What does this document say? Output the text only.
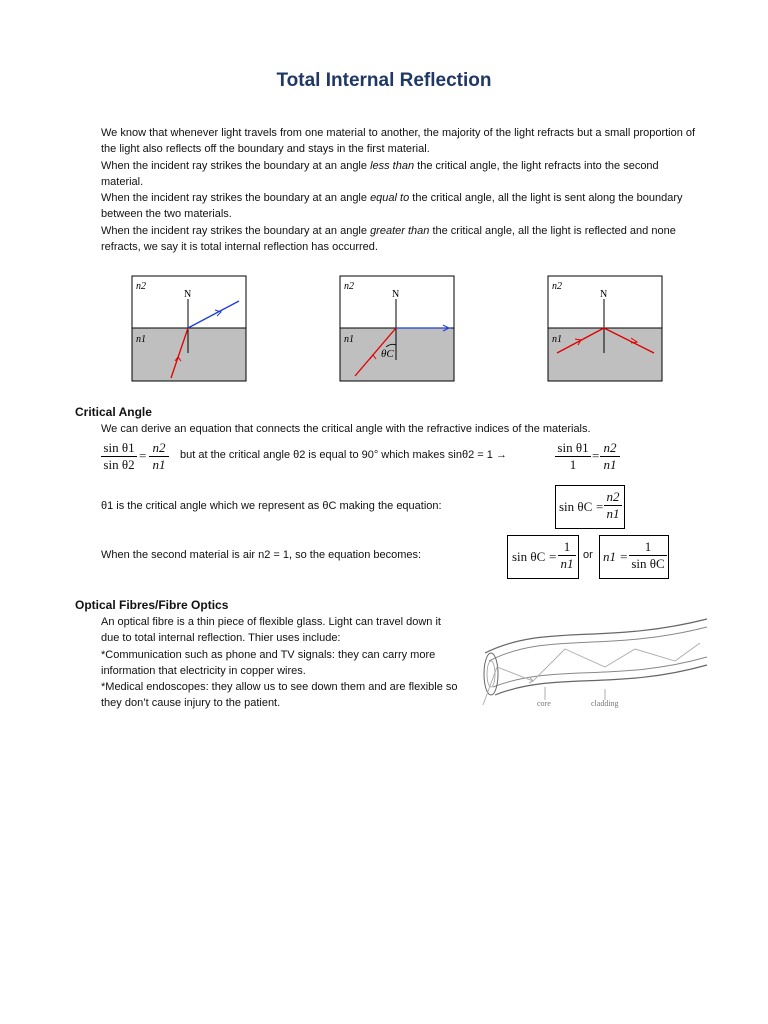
Total Internal Reflection

We know that whenever light travels from one material to another, the majority of the light refracts but a small proportion of the light also reflects off the boundary and stays in the first material.

When the incident ray strikes the boundary at an angle less than the critical angle, the light refracts into the second material.

When the incident ray strikes the boundary at an angle equal to the critical angle, all the light is sent along the boundary between the two materials.

When the incident ray strikes the boundary at an angle greater than the critical angle, all the light is reflected and none refracts, we say it is total internal reflection has occurred.

n2
n1
N
n2
n1
N
θC
n2
n1
N
Critical Angle
We can derive an equation that connects the critical angle with the refractive indices of the materials.
$\frac{\text{sin θ1}}{\text{sin θ2}} = \frac{n2}{n1}$ but at the critical angle θ2 is equal to 90° which makes sinθ2 = 1 →	$\frac{\text{sin θ1}}{1} = \frac{n2}{n1}$
θ1 is the critical angle which we represent as θC making the equation:	$\sin \theta C = \frac{n2}{n1}$
When the second material is air n2 = 1, so the equation becomes:	$\sin \theta C = \frac{1}{n1}$ or $n1 = \frac{1}{\text{sin θC}}$
Optical Fibres/Fibre Optics

An optical fibre is a thin piece of flexible glass. Light can travel down it due to total internal reflection. Thier uses include:

*Communication such as phone and TV signals: they can carry more information that electricity in copper wires.

*Medical endoscopes: they allow us to see down them and are flexible so they don’t cause injury to the patient.	core	cladding
